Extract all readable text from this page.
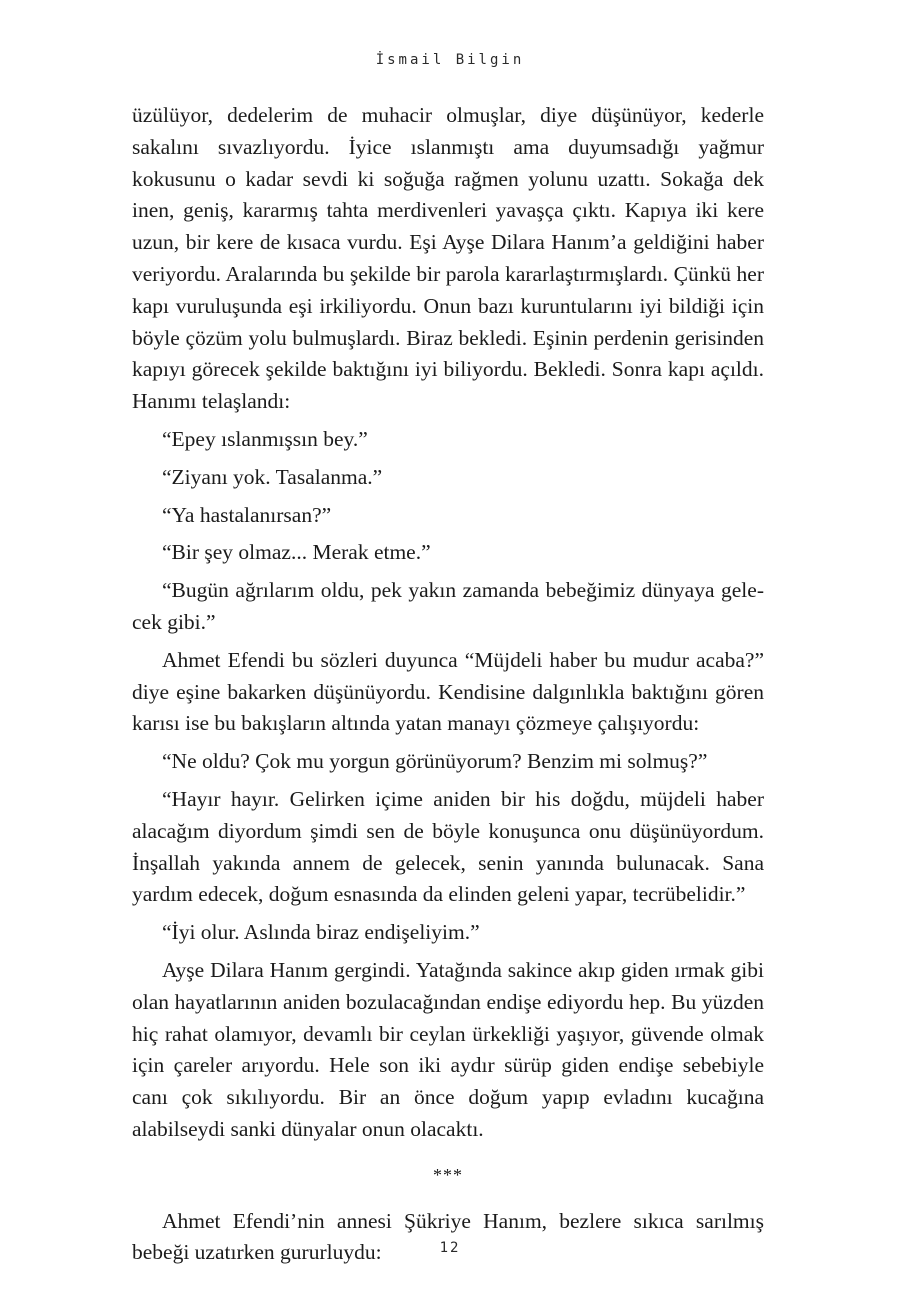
İsmail Bilgin

üzülüyor, dedelerim de muhacir olmuşlar, diye düşünüyor, kederle sakalını sıvazlıyordu. İyice ıslanmıştı ama duyumsadığı yağmur kokusunu o kadar sevdi ki soğuğa rağmen yolunu uzattı. Sokağa dek inen, geniş, kararmış tahta merdivenleri yavaşça çıktı. Kapıya iki kere uzun, bir kere de kısaca vurdu. Eşi Ayşe Dilara Hanım’a geldiğini haber veriyordu. Aralarında bu şekilde bir parola kararlaştırmışlardı. Çünkü her kapı vuruluşunda eşi irkiliyordu. Onun bazı kuruntularını iyi bildiği için böyle çözüm yolu bulmuşlardı. Biraz bekledi. Eşinin perdenin gerisinden kapıyı görecek şekilde baktığını iyi biliyordu. Bekledi. Sonra kapı açıldı. Hanımı telaşlandı:

“Epey ıslanmışsın bey.”

“Ziyanı yok. Tasalanma.”

“Ya hastalanırsan?”

“Bir şey olmaz... Merak etme.”

“Bugün ağrılarım oldu, pek yakın zamanda bebeğimiz dünyaya gelecek gibi.”

Ahmet Efendi bu sözleri duyunca “Müjdeli haber bu mudur acaba?” diye eşine bakarken düşünüyordu. Kendisine dalgınlıkla baktığını gören karısı ise bu bakışların altında yatan manayı çözmeye çalışıyordu:

“Ne oldu? Çok mu yorgun görünüyorum? Benzim mi solmuş?”

“Hayır hayır. Gelirken içime aniden bir his doğdu, müjdeli haber alacağım diyordum şimdi sen de böyle konuşunca onu düşünüyordum. İnşallah yakında annem de gelecek, senin yanında bulunacak. Sana yardım edecek, doğum esnasında da elinden geleni yapar, tecrübelidir.”

“İyi olur. Aslında biraz endişeliyim.”

Ayşe Dilara Hanım gergindi. Yatağında sakince akıp giden ırmak gibi olan hayatlarının aniden bozulacağından endişe ediyordu hep. Bu yüzden hiç rahat olamıyor, devamlı bir ceylan ürkekliği yaşıyor, güvende olmak için çareler arıyordu. Hele son iki aydır sürüp giden endişe sebebiyle canı çok sıkılıyordu. Bir an önce doğum yapıp evladını kucağına alabilseydi sanki dünyalar onun olacaktı.

***

Ahmet Efendi’nin annesi Şükriye Hanım, bezlere sıkıca sarılmış bebeği uzatırken gururluydu:	12
